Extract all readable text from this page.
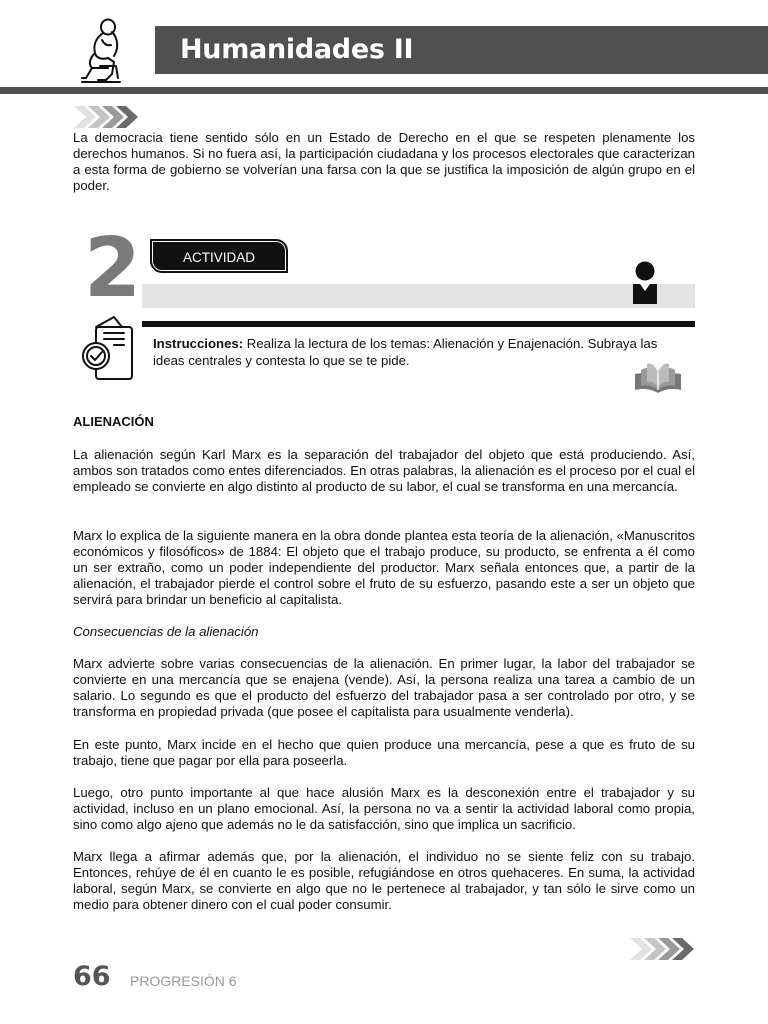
Humanidades II

La democracia tiene sentido sólo en un Estado de Derecho en el que se respeten plenamente los derechos humanos. Si no fuera así, la participación ciudadana y los procesos electorales que caracterizan a esta forma de gobierno se volverían una farsa con la que se justifica la imposición de algún grupo en el poder.

2	ACTIVIDAD
Instrucciones: Realiza la lectura de los temas: Alienación y Enajenación. Subraya las ideas centrales y contesta lo que se te pide.
ALIENACIÓN

La alienación según Karl Marx es la separación del trabajador del objeto que está produciendo. Así, ambos son tratados como entes diferenciados. En otras palabras, la alienación es el proceso por el cual el empleado se convierte en algo distinto al producto de su labor, el cual se transforma en una mercancía.

Marx lo explica de la siguiente manera en la obra donde plantea esta teoría de la alienación, «Manuscritos económicos y filosóficos» de 1884: El objeto que el trabajo produce, su producto, se enfrenta a él como un ser extraño, como un poder independiente del productor. Marx señala entonces que, a partir de la alienación, el trabajador pierde el control sobre el fruto de su esfuerzo, pasando este a ser un objeto que servirá para brindar un beneficio al capitalista.

Consecuencias de la alienación

Marx advierte sobre varias consecuencias de la alienación. En primer lugar, la labor del trabajador se convierte en una mercancía que se enajena (vende). Así, la persona realiza una tarea a cambio de un salario. Lo segundo es que el producto del esfuerzo del trabajador pasa a ser controlado por otro, y se transforma en propiedad privada (que posee el capitalista para usualmente venderla).

En este punto, Marx incide en el hecho que quien produce una mercancía, pese a que es fruto de su trabajo, tiene que pagar por ella para poseerla.

Luego, otro punto importante al que hace alusión Marx es la desconexión entre el trabajador y su actividad, incluso en un plano emocional. Así, la persona no va a sentir la actividad laboral como propia, sino como algo ajeno que además no le da satisfacción, sino que implica un sacrificio.

Marx llega a afirmar además que, por la alienación, el individuo no se siente feliz con su trabajo. Entonces, rehúye de él en cuanto le es posible, refugiándose en otros quehaceres. En suma, la actividad laboral, según Marx, se convierte en algo que no le pertenece al trabajador, y tan sólo le sirve como un medio para obtener dinero con el cual poder consumir.

66 PROGRESIÓN 6
